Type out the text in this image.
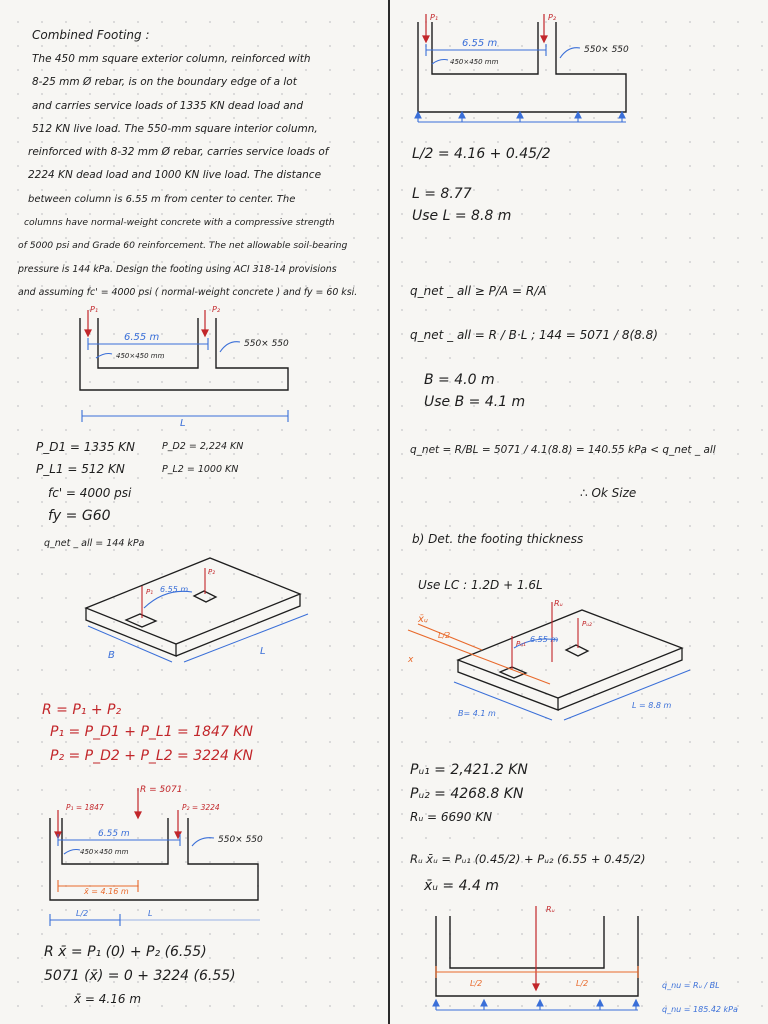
Combined Footing :
The 450 mm square exterior column, reinforced with
8-25 mm Ø rebar, is on the boundary edge of a lot
and carries service loads of 1335 KN dead load and
512 KN live load. The 550-mm square interior column,
reinforced with 8-32 mm Ø rebar, carries service loads of
2224 KN dead load and 1000 KN live load. The distance
between column is 6.55 m from center to center. The
columns have normal-weight concrete with a compressive strength
of 5000 psi and Grade 60 reinforcement. The net allowable soil-bearing
pressure is 144 kPa. Design the footing using ACI 318-14 provisions
and assuming fc' = 4000 psi ( normal-weight concrete ) and fy = 60 ksi.
P₁	P₂
6.55 m
450×450 mm
550× 550
L
P_D1 = 1335 KN
P_L1 = 512 KN
P_D2 = 2,224 KN
P_L2 = 1000 KN
fc' = 4000 psi
fy = G60
q_net _ all = 144 kPa
P₁
P₂
6.55 m
B	L
R = P₁ + P₂
P₁ = P_D1 + P_L1 = 1847 KN
P₂ = P_D2 + P_L2 = 3224 KN
R = 5071
P₁ = 1847	P₂ = 3224
6.55 m
450×450 mm
550× 550
x̄ = 4.16 m
L/2	L
R x̄ = P₁ (0) + P₂ (6.55)
5071 (x̄) = 0 + 3224 (6.55)
x̄ = 4.16 m
P₁	P₂
6.55 m
450×450 mm
550× 550
L/2 = 4.16 + 0.45/2
L = 8.77
Use L = 8.8 m
q_net _ all ≥ P/A = R/A
q_net _ all = R / B·L ; 144 = 5071 / 8(8.8)
B = 4.0 m
Use B = 4.1 m
q_net = R/BL = 5071 / 4.1(8.8) = 140.55 kPa < q_net _ all
∴ Ok Size
b) Det. the footing thickness
Use LC : 1.2D + 1.6L
Rᵤ
Pᵤ₁
Pᵤ₂
6.55 m
x̄ᵤ
L/2
x
B= 4.1 m
L = 8.8 m
Pᵤ₁ = 2,421.2 KN
Pᵤ₂ = 4268.8 KN
Rᵤ = 6690 KN
Rᵤ x̄ᵤ = Pᵤ₁ (0.45/2) + Pᵤ₂ (6.55 + 0.45/2)
x̄ᵤ = 4.4 m
Rᵤ
L/2	L/2	q_nu = Rᵤ / BL
q_nu = 185.42 kPa
